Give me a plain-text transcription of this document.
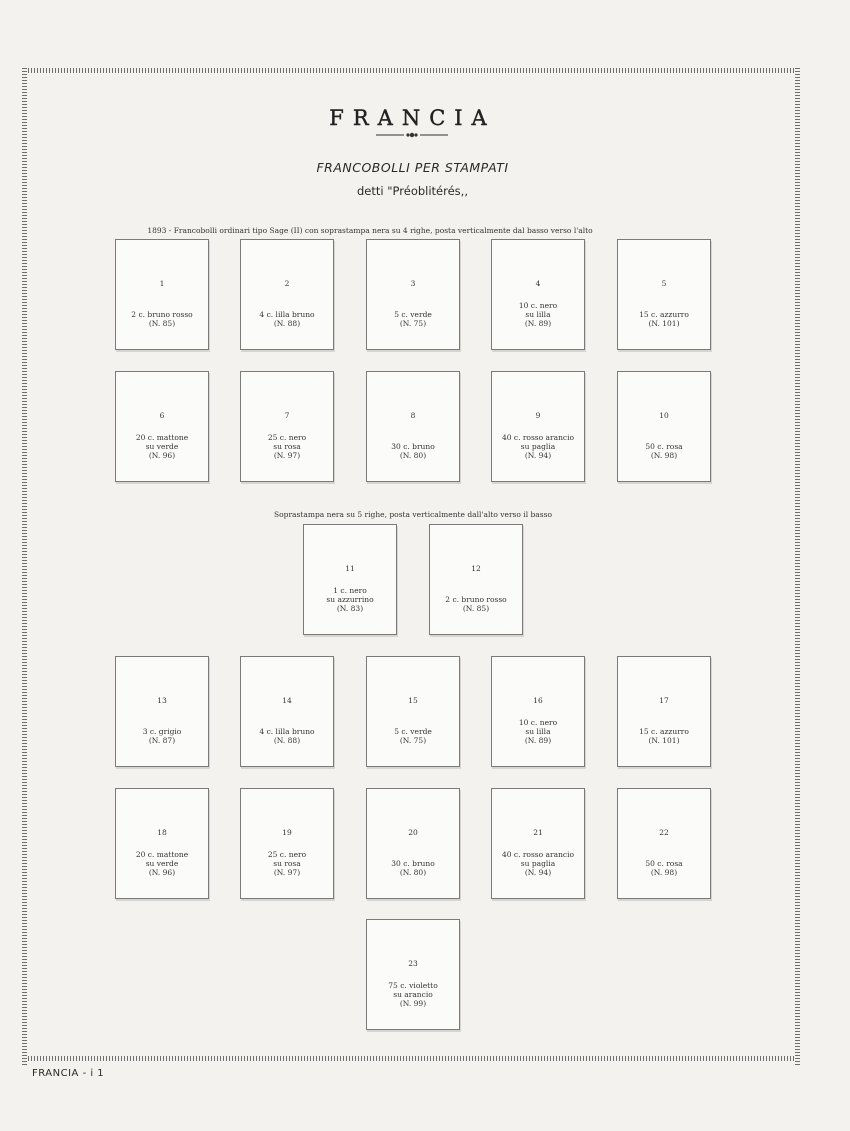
FRANCIA
FRANCOBOLLI PER STAMPATI
detti "Préoblitérés,,
1893 - Francobolli ordinari tipo Sage (II) con soprastampa nera su 4 righe, posta verticalmente dal basso verso l'alto
1
2 c. bruno rosso
(N. 85)
2
4 c. lilla bruno
(N. 88)
3
5 c. verde
(N. 75)
4
10 c. nero
su lilla
(N. 89)
5
15 c. azzurro
(N. 101)
6
20 c. mattone
su verde
(N. 96)
7
25 c. nero
su rosa
(N. 97)
8
30 c. bruno
(N. 80)
9
40 c. rosso arancio
su paglia
(N. 94)
10
50 c. rosa
(N. 98)
Soprastampa nera su 5 righe, posta verticalmente dall'alto verso il basso
11
1 c. nero
su azzurrino
(N. 83)
12
2 c. bruno rosso
(N. 85)
13
3 c. grigio
(N. 87)
14
4 c. lilla bruno
(N. 88)
15
5 c. verde
(N. 75)
16
10 c. nero
su lilla
(N. 89)
17
15 c. azzurro
(N. 101)
18
20 c. mattone
su verde
(N. 96)
19
25 c. nero
su rosa
(N. 97)
20
30 c. bruno
(N. 80)
21
40 c. rosso arancio
su paglia
(N. 94)
22
50 c. rosa
(N. 98)
23
75 c. violetto
su arancio
(N. 99)
FRANCIA - i 1
